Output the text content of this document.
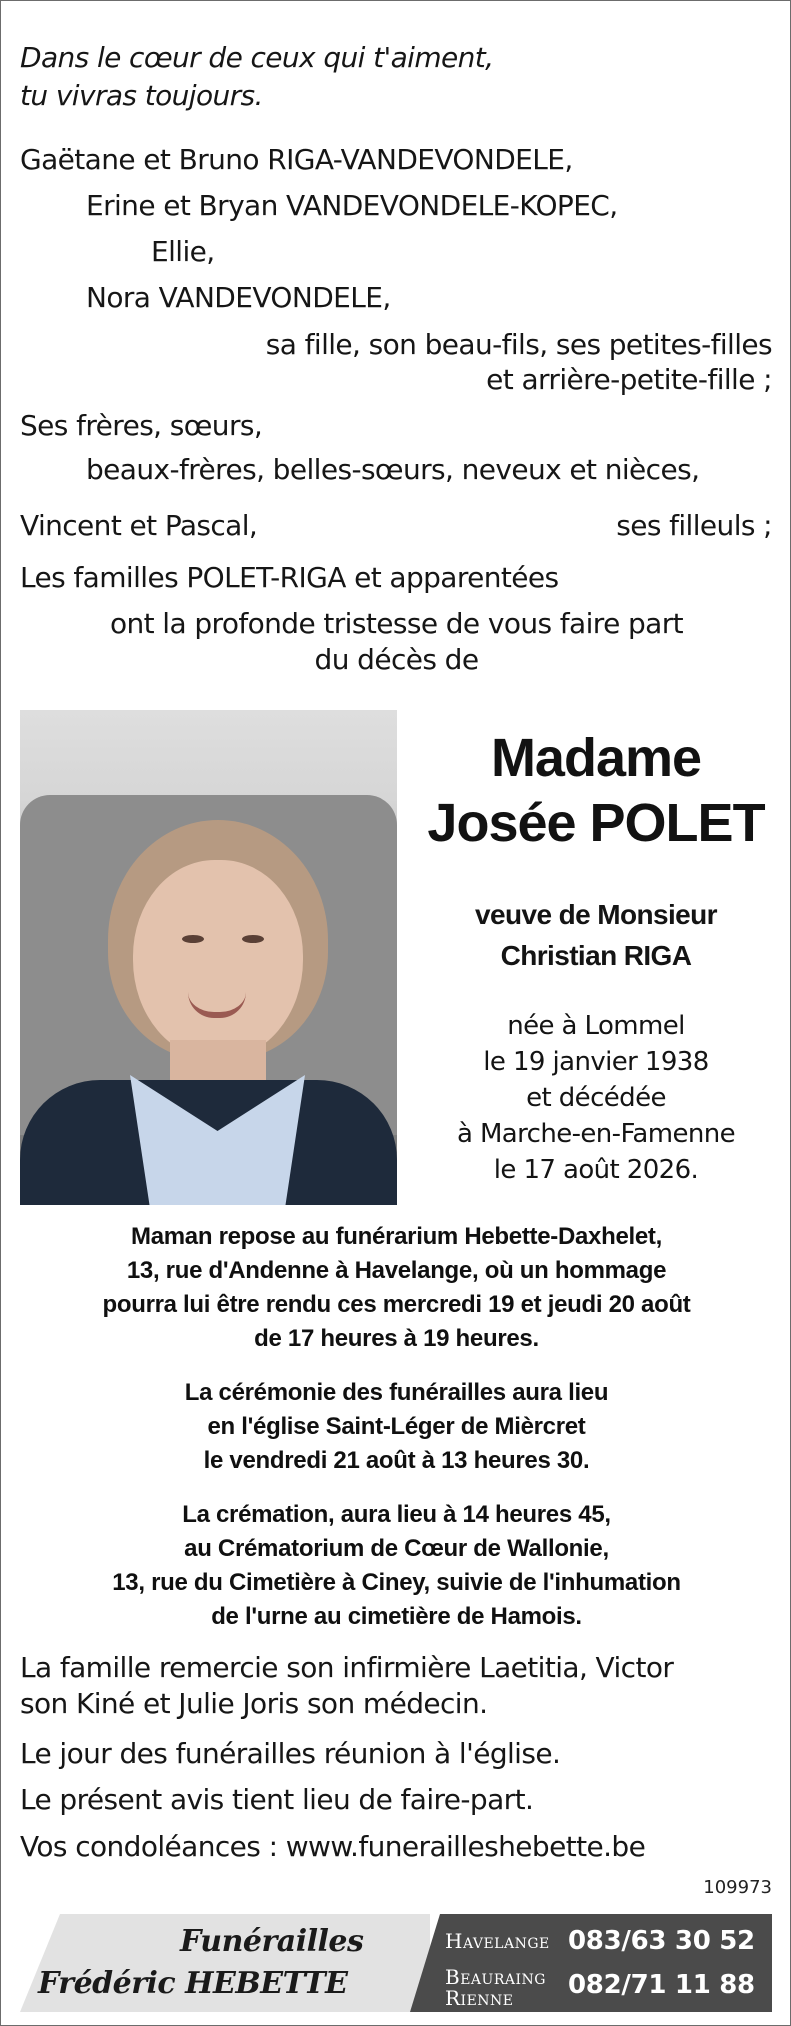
Dans le cœur de ceux qui t'aiment,
tu vivras toujours.
Gaëtane et Bruno RIGA-VANDEVONDELE,
Erine et Bryan VANDEVONDELE-KOPEC,
Ellie,
Nora VANDEVONDELE,
sa fille, son beau-fils, ses petites-filles
et arrière-petite-fille ;
Ses frères, sœurs,
beaux-frères, belles-sœurs, neveux et nièces,
Vincent et Pascal,	ses filleuls ;
Les familles POLET-RIGA et apparentées
ont la profonde tristesse de vous faire part
du décès de
Madame
Josée POLET
veuve de Monsieur
Christian RIGA
née à Lommel
le 19 janvier 1938
et décédée
à Marche-en-Famenne
le 17 août 2026.
Maman repose au funérarium Hebette-Daxhelet,
13, rue d'Andenne à Havelange, où un hommage
pourra lui être rendu ces mercredi 19 et jeudi 20 août
de 17 heures à 19 heures.
La cérémonie des funérailles aura lieu
en l'église Saint-Léger de Mièrcret
le vendredi 21 août à 13 heures 30.
La crémation, aura lieu à 14 heures 45,
au Crématorium de Cœur de Wallonie,
13, rue du Cimetière à Ciney, suivie de l'inhumation
de l'urne au cimetière de Hamois.
La famille remercie son infirmière Laetitia, Victor
son Kiné et Julie Joris son médecin.
Le jour des funérailles réunion à l'église.
Le présent avis tient lieu de faire-part.
Vos condoléances : www.funerailleshebette.be
109973
Funérailles
Frédéric HEBETTE
Havelange 083/63 30 52
Beauraing
Rienne 082/71 11 88
